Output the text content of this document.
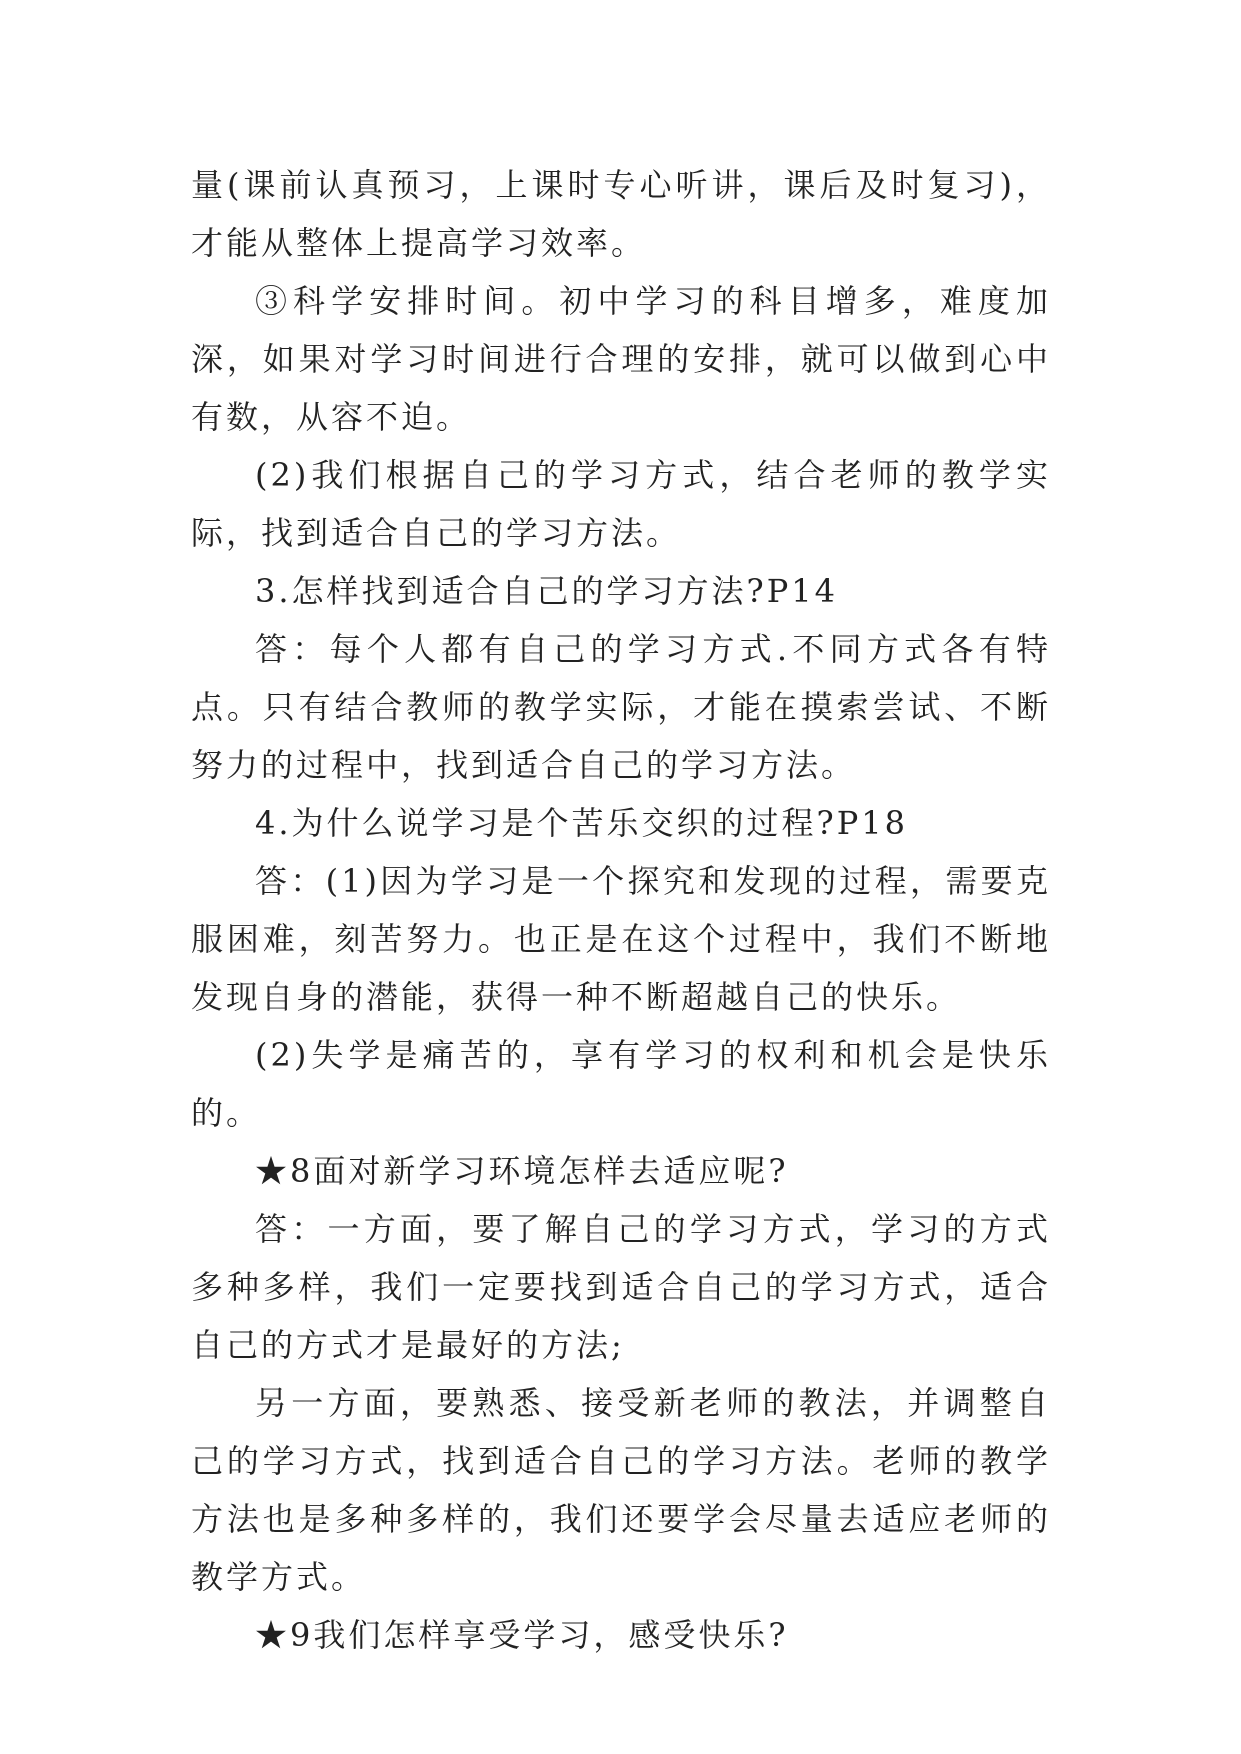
量(课前认真预习，上课时专心听讲，课后及时复习)，才能从整体上提高学习效率。

③科学安排时间。初中学习的科目增多，难度加深，如果对学习时间进行合理的安排，就可以做到心中有数，从容不迫。

(2)我们根据自己的学习方式，结合老师的教学实际，找到适合自己的学习方法。

3.怎样找到适合自己的学习方法?P14

答：每个人都有自己的学习方式.不同方式各有特点。只有结合教师的教学实际，才能在摸索尝试、不断努力的过程中，找到适合自己的学习方法。

4.为什么说学习是个苦乐交织的过程?P18

答：(1)因为学习是一个探究和发现的过程，需要克服困难，刻苦努力。也正是在这个过程中，我们不断地发现自身的潜能，获得一种不断超越自己的快乐。

(2)失学是痛苦的，享有学习的权利和机会是快乐的。

★8面对新学习环境怎样去适应呢?

答：一方面，要了解自己的学习方式，学习的方式多种多样，我们一定要找到适合自己的学习方式，适合自己的方式才是最好的方法;

另一方面，要熟悉、接受新老师的教法，并调整自己的学习方式，找到适合自己的学习方法。老师的教学方法也是多种多样的，我们还要学会尽量去适应老师的教学方式。

★9我们怎样享受学习，感受快乐?
